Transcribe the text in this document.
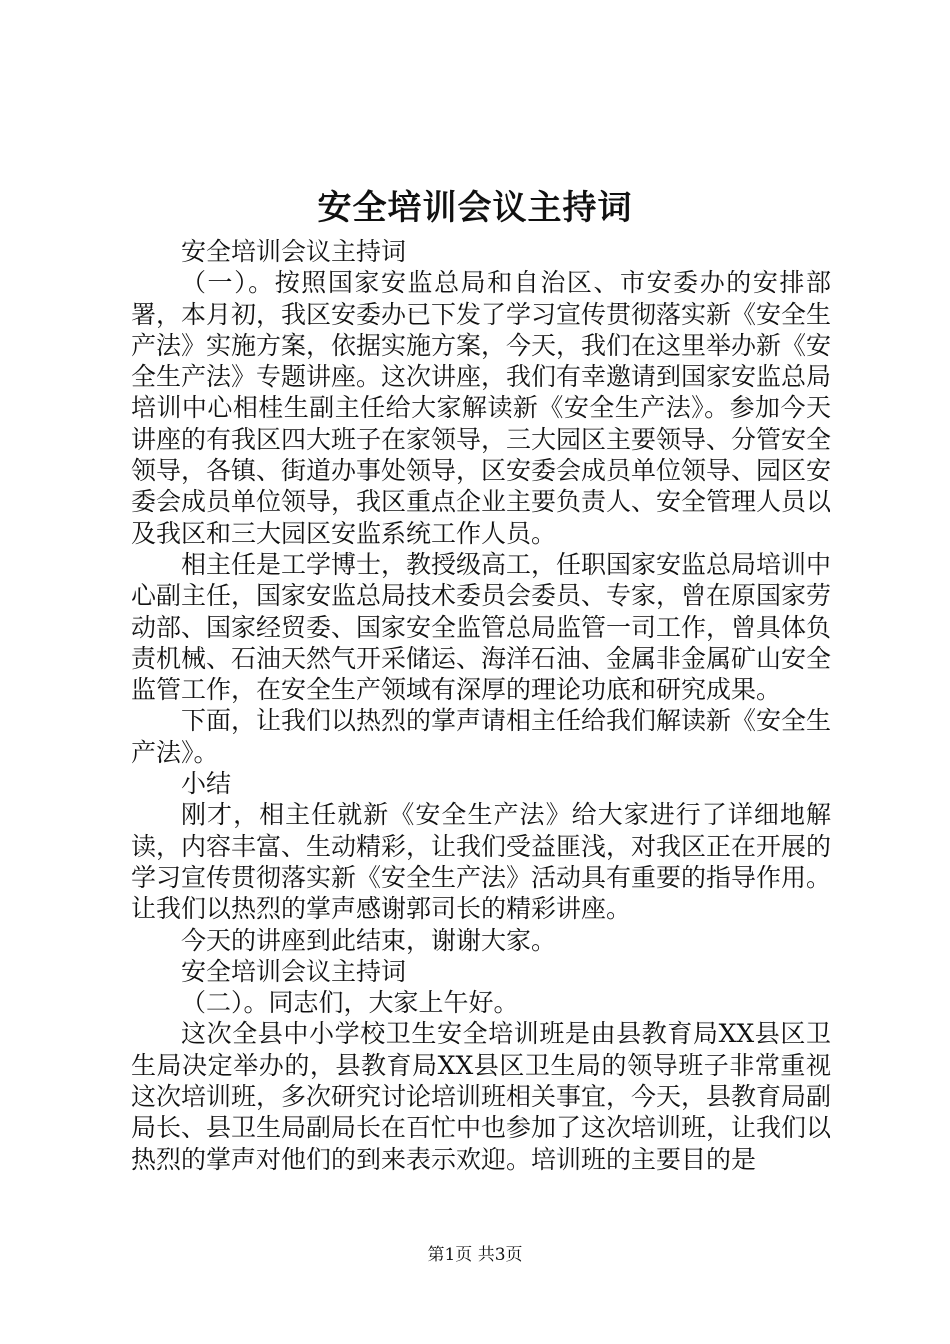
安全培训会议主持词

安全培训会议主持词

（一）。按照国家安监总局和自治区、市安委办的安排部署，本月初，我区安委办已下发了学习宣传贯彻落实新《安全生产法》实施方案，依据实施方案，今天，我们在这里举办新《安全生产法》专题讲座。这次讲座，我们有幸邀请到国家安监总局培训中心相桂生副主任给大家解读新《安全生产法》。参加今天讲座的有我区四大班子在家领导，三大园区主要领导、分管安全领导，各镇、街道办事处领导，区安委会成员单位领导、园区安委会成员单位领导，我区重点企业主要负责人、安全管理人员以及我区和三大园区安监系统工作人员。

相主任是工学博士，教授级高工，任职国家安监总局培训中心副主任，国家安监总局技术委员会委员、专家，曾在原国家劳动部、国家经贸委、国家安全监管总局监管一司工作，曾具体负责机械、石油天然气开采储运、海洋石油、金属非金属矿山安全监管工作，在安全生产领域有深厚的理论功底和研究成果。

下面，让我们以热烈的掌声请相主任给我们解读新《安全生产法》。

小结

刚才，相主任就新《安全生产法》给大家进行了详细地解读，内容丰富、生动精彩，让我们受益匪浅，对我区正在开展的学习宣传贯彻落实新《安全生产法》活动具有重要的指导作用。让我们以热烈的掌声感谢郭司长的精彩讲座。

今天的讲座到此结束，谢谢大家。

安全培训会议主持词

（二）。同志们，大家上午好。

这次全县中小学校卫生安全培训班是由县教育局XX县区卫生局决定举办的，县教育局XX县区卫生局的领导班子非常重视这次培训班，多次研究讨论培训班相关事宜，今天，县教育局副局长、县卫生局副局长在百忙中也参加了这次培训班，让我们以热烈的掌声对他们的到来表示欢迎。培训班的主要目的是

第1页 共3页
